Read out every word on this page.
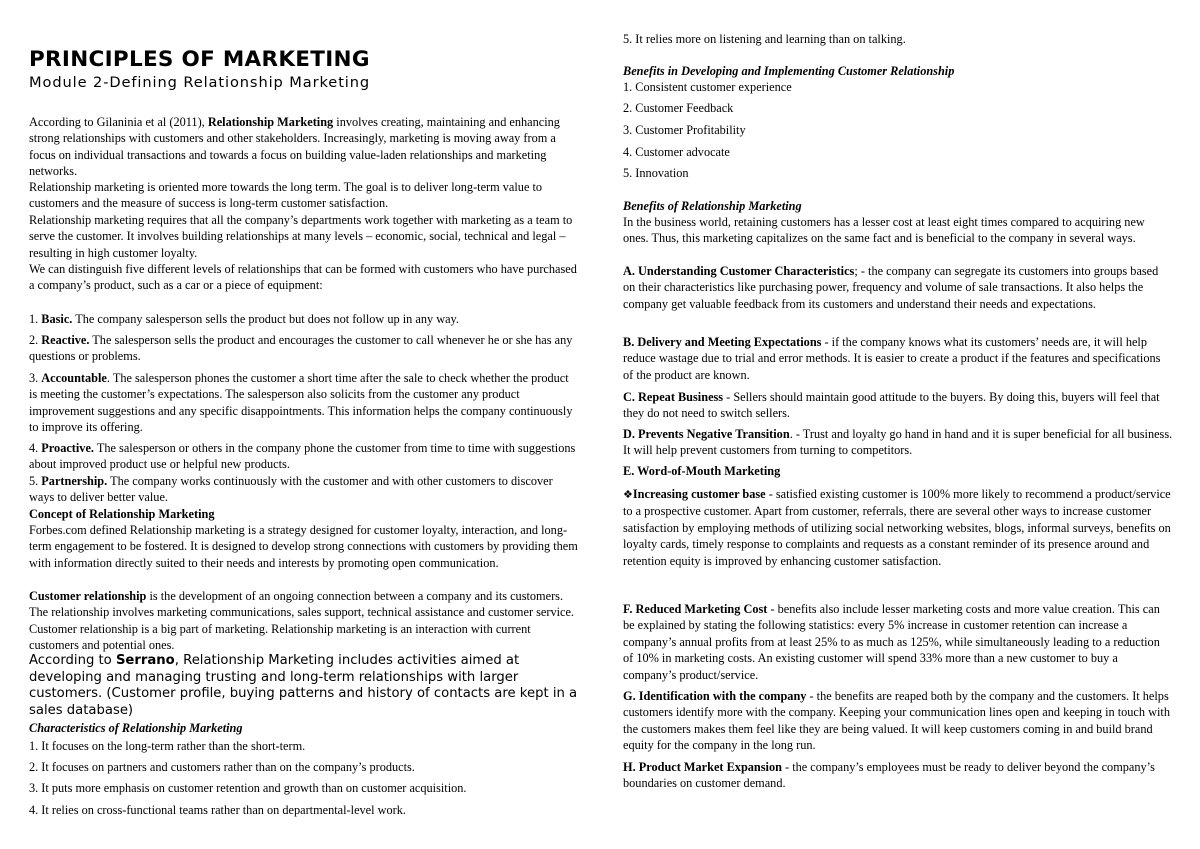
PRINCIPLES OF MARKETING
Module 2-Defining Relationship Marketing

According to Gilaninia et al (2011), Relationship Marketing involves creating, maintaining and enhancing strong relationships with customers and other stakeholders. Increasingly, marketing is moving away from a focus on individual transactions and towards a focus on building value-laden relationships and marketing networks.

Relationship marketing is oriented more towards the long term. The goal is to deliver long-term value to customers and the measure of success is long-term customer satisfaction.

Relationship marketing requires that all the company’s departments work together with marketing as a team to serve the customer. It involves building relationships at many levels – economic, social, technical and legal – resulting in high customer loyalty.

We can distinguish five different levels of relationships that can be formed with customers who have purchased a company’s product, such as a car or a piece of equipment:

1. Basic. The company salesperson sells the product but does not follow up in any way.

2. Reactive. The salesperson sells the product and encourages the customer to call whenever he or she has any questions or problems.

3. Accountable. The salesperson phones the customer a short time after the sale to check whether the product is meeting the customer’s expectations. The salesperson also solicits from the customer any product improvement suggestions and any specific disappointments. This information helps the company continuously to improve its offering.

4. Proactive. The salesperson or others in the company phone the customer from time to time with suggestions about improved product use or helpful new products.

5. Partnership. The company works continuously with the customer and with other customers to discover ways to deliver better value.

Concept of Relationship Marketing

Forbes.com defined Relationship marketing is a strategy designed for customer loyalty, interaction, and long-term engagement to be fostered. It is designed to develop strong connections with customers by providing them with information directly suited to their needs and interests by promoting open communication.

Customer relationship is the development of an ongoing connection between a company and its customers. The relationship involves marketing communications, sales support, technical assistance and customer service. Customer relationship is a big part of marketing. Relationship marketing is an interaction with current customers and potential ones.

According to Serrano, Relationship Marketing includes activities aimed at developing and managing trusting and long-term relationships with larger customers. (Customer profile, buying patterns and history of contacts are kept in a sales database)

Characteristics of Relationship Marketing

1. It focuses on the long-term rather than the short-term.

2. It focuses on partners and customers rather than on the company’s products.

3. It puts more emphasis on customer retention and growth than on customer acquisition.

4. It relies on cross-functional teams rather than on departmental-level work.

5. It relies more on listening and learning than on talking.

Benefits in Developing and Implementing Customer Relationship

1. Consistent customer experience

2. Customer Feedback

3. Customer Profitability

4. Customer advocate

5. Innovation

Benefits of Relationship Marketing

In the business world, retaining customers has a lesser cost at least eight times compared to acquiring new ones. Thus, this marketing capitalizes on the same fact and is beneficial to the company in several ways.

A. Understanding Customer Characteristics; - the company can segregate its customers into groups based on their characteristics like purchasing power, frequency and volume of sale transactions. It also helps the company get valuable feedback from its customers and understand their needs and expectations.

B. Delivery and Meeting Expectations - if the company knows what its customers’ needs are, it will help reduce wastage due to trial and error methods. It is easier to create a product if the features and specifications of the product are known.

C. Repeat Business - Sellers should maintain good attitude to the buyers. By doing this, buyers will feel that they do not need to switch sellers.

D. Prevents Negative Transition. - Trust and loyalty go hand in hand and it is super beneficial for all business. It will help prevent customers from turning to competitors.

E. Word-of-Mouth Marketing

❖Increasing customer base - satisfied existing customer is 100% more likely to recommend a product/service to a prospective customer. Apart from customer, referrals, there are several other ways to increase customer satisfaction by employing methods of utilizing social networking websites, blogs, informal surveys, benefits on loyalty cards, timely response to complaints and requests as a constant reminder of its presence around and retention equity is improved by enhancing customer satisfaction.

F. Reduced Marketing Cost - benefits also include lesser marketing costs and more value creation. This can be explained by stating the following statistics: every 5% increase in customer retention can increase a company’s annual profits from at least 25% to as much as 125%, while simultaneously leading to a reduction of 10% in marketing costs. An existing customer will spend 33% more than a new customer to buy a company’s product/service.

G. Identification with the company - the benefits are reaped both by the company and the customers. It helps customers identify more with the company. Keeping your communication lines open and keeping in touch with the customers makes them feel like they are being valued. It will keep customers coming in and build brand equity for the company in the long run.

H. Product Market Expansion - the company’s employees must be ready to deliver beyond the company’s boundaries on customer demand.
